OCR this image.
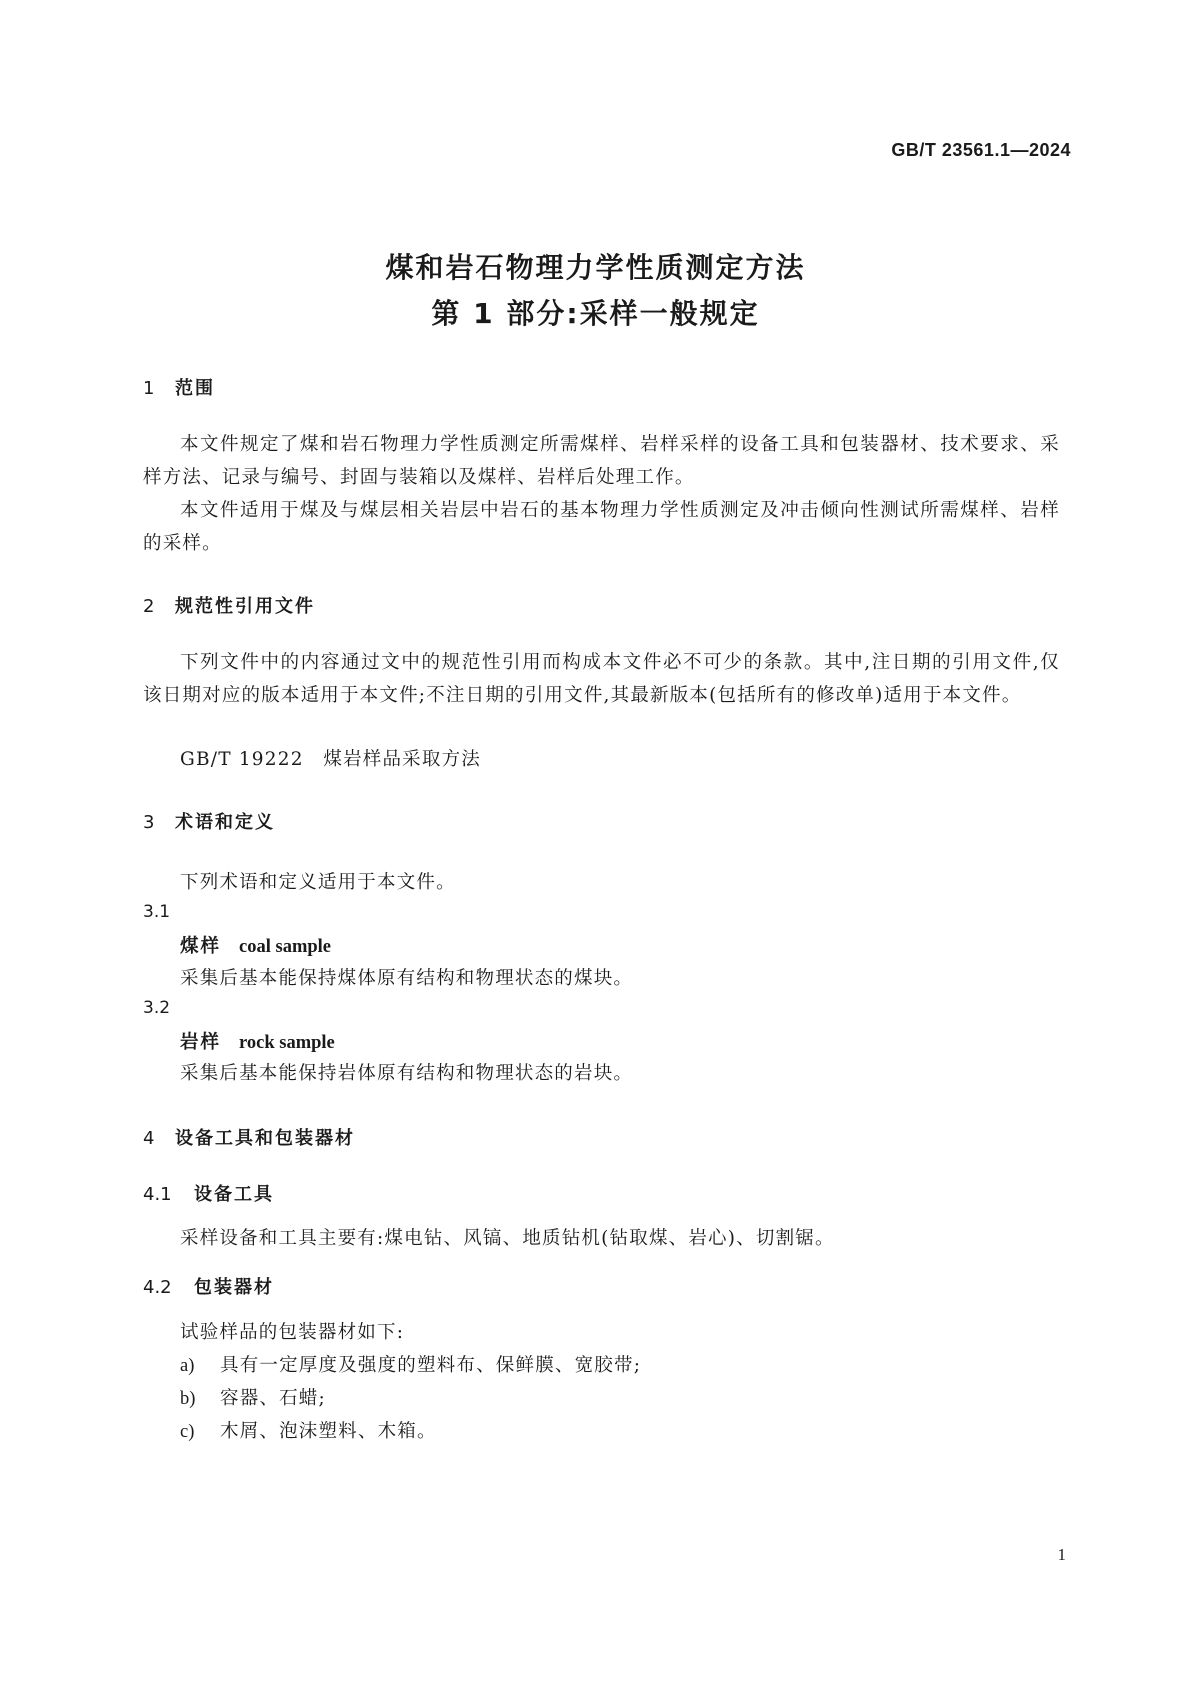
GB/T 23561.1—2024
煤和岩石物理力学性质测定方法
第 1 部分:采样一般规定
1 范围
本文件规定了煤和岩石物理力学性质测定所需煤样、岩样采样的设备工具和包装器材、技术要求、采样方法、记录与编号、封固与装箱以及煤样、岩样后处理工作。
本文件适用于煤及与煤层相关岩层中岩石的基本物理力学性质测定及冲击倾向性测试所需煤样、岩样的采样。
2 规范性引用文件
下列文件中的内容通过文中的规范性引用而构成本文件必不可少的条款。其中,注日期的引用文件,仅该日期对应的版本适用于本文件;不注日期的引用文件,其最新版本(包括所有的修改单)适用于本文件。
GB/T 19222　煤岩样品采取方法
3 术语和定义
下列术语和定义适用于本文件。
3.1
煤样 coal sample
采集后基本能保持煤体原有结构和物理状态的煤块。
3.2
岩样 rock sample
采集后基本能保持岩体原有结构和物理状态的岩块。
4 设备工具和包装器材
4.1 设备工具
采样设备和工具主要有:煤电钻、风镐、地质钻机(钻取煤、岩心)、切割锯。
4.2 包装器材
试验样品的包装器材如下:
a) 具有一定厚度及强度的塑料布、保鲜膜、宽胶带;
b) 容器、石蜡;
c) 木屑、泡沫塑料、木箱。
1
